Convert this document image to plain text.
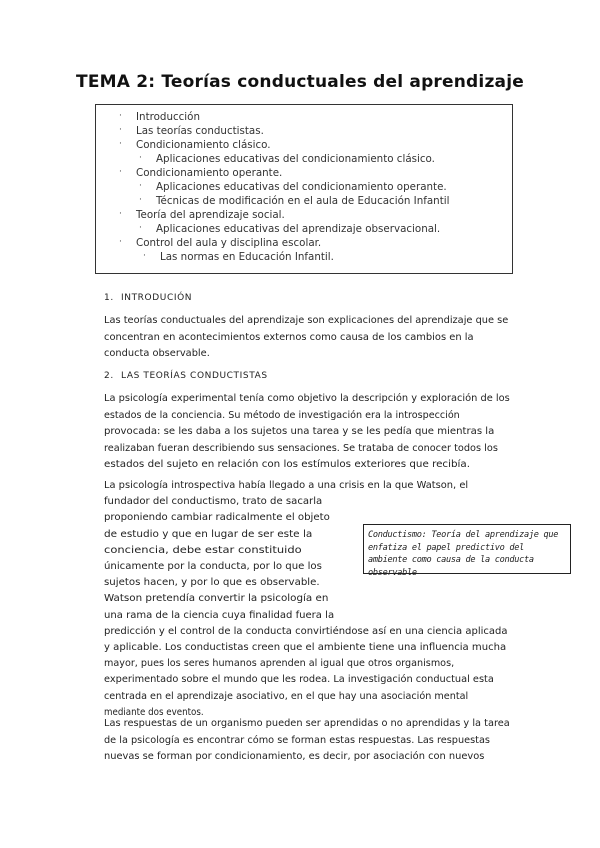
TEMA 2: Teorías conductuales del aprendizaje
· Introducción
· Las teorías conductistas.
· Condicionamiento clásico.
· Aplicaciones educativas del condicionamiento clásico.
· Condicionamiento operante.
· Aplicaciones educativas del condicionamiento operante.
· Técnicas de modificación en el aula de Educación Infantil
· Teoría del aprendizaje social.
· Aplicaciones educativas del aprendizaje observacional.
· Control del aula y disciplina escolar.
· Las normas en Educación Infantil.
1. INTRODUCIÓN
Las teorías conductuales del aprendizaje son explicaciones del aprendizaje que se
concentran en acontecimientos externos como causa de los cambios en la
conducta observable.
2. LAS TEORÍAS CONDUCTISTAS
La psicología experimental tenía como objetivo la descripción y exploración de los
estados de la conciencia. Su método de investigación era la introspección
provocada: se les daba a los sujetos una tarea y se les pedía que mientras la
realizaban fueran describiendo sus sensaciones. Se trataba de conocer todos los
estados del sujeto en relación con los estímulos exteriores que recibía.
La psicología introspectiva había llegado a una crisis en la que Watson, el
fundador del conductismo, trato de sacarla
proponiendo cambiar radicalmente el objeto
de estudio y que en lugar de ser este la
conciencia, debe estar constituido
únicamente por la conducta, por lo que los
sujetos hacen, y por lo que es observable.
Watson pretendía convertir la psicología en
una rama de la ciencia cuya finalidad fuera la
predicción y el control de la conducta convirtiéndose así en una ciencia aplicada
y aplicable. Los conductistas creen que el ambiente tiene una influencia mucha
mayor, pues los seres humanos aprenden al igual que otros organismos,
experimentado sobre el mundo que les rodea. La investigación conductual esta
centrada en el aprendizaje asociativo, en el que hay una asociación mental
mediante dos eventos.
Conductismo: Teoría del aprendizaje que enfatiza el papel predictivo del ambiente como causa de la conducta observable
Las respuestas de un organismo pueden ser aprendidas o no aprendidas y la tarea
de la psicología es encontrar cómo se forman estas respuestas. Las respuestas
nuevas se forman por condicionamiento, es decir, por asociación con nuevos
